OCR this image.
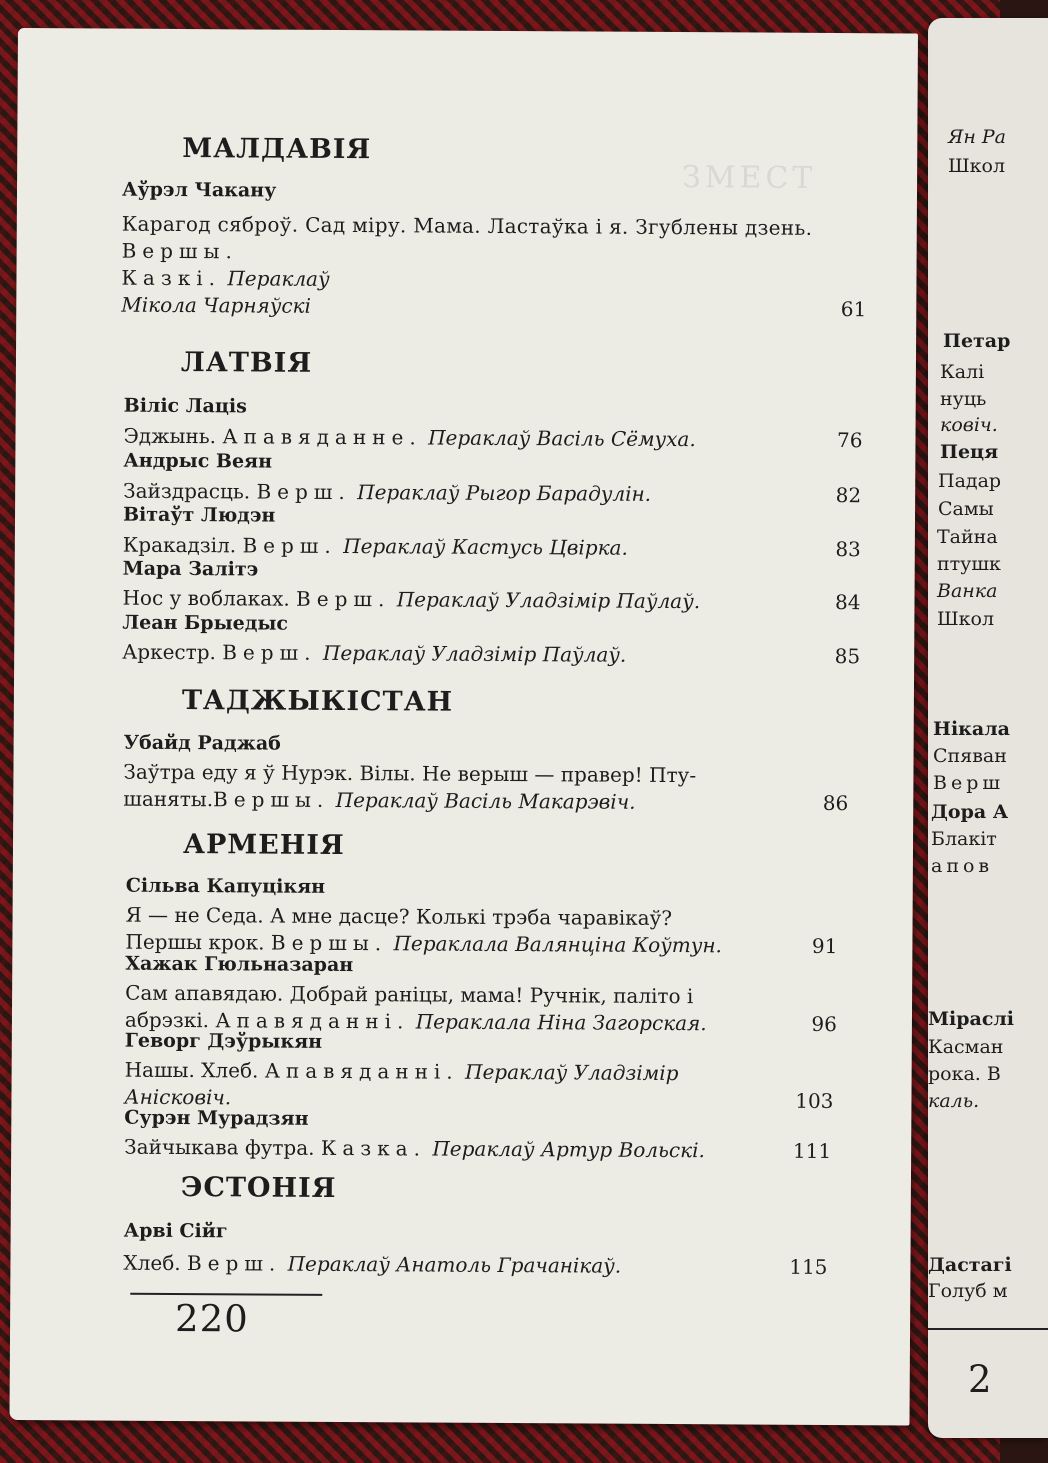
Ян Ра
Школ
Петар
Калі
нуць
ковіч.
Пеця
Падар
Самы
Тайна
птушк
Ванка
Школ
Нікала
Спяван
Верш
Дора А
Блакіт
апов
Міраслі
Касман
рока. В
каль.
Дастагі
Голуб м
2
ЗМЕСТ
МАЛДАВІЯ
Аўрэл Чакану
Карагод сяброў. Сад міру. Мама. Ластаўка і я. Згублены дзень.
Вершы.
Казкі. Пераклаў
Мікола Чарняўскі	61
ЛАТВІЯ
Віліс Лацis
Эджынь. Апавяданне. Пераклаў Васіль Сёмуха.	76
Андрыс Веян
Зайздрасць. Верш. Пераклаў Рыгор Барадулін.	82
Вітаўт Людэн
Кракадзіл. Верш. Пераклаў Кастусь Цвірка.	83
Мара Залітэ
Нос у воблаках. Верш. Пераклаў Уладзімір Паўлаў.	84
Леан Брыедыс
Аркестр. Верш. Пераклаў Уладзімір Паўлаў.	85
ТАДЖЫКІСТАН
Убайд Раджаб
Заўтра еду я ў Нурэк. Вілы. Не верыш — правер! Пту-
шаняты.Вершы. Пераклаў Васіль Макарэвіч.	86
АРМЕНІЯ
Сільва Капуцікян
Я — не Седа. А мне дасце? Колькі трэба чаравікаў?
Першы крок. Вершы. Пераклала Валянціна Коўтун.	91
Хажак Гюльназаран
Сам апавядаю. Добрай раніцы, мама! Ручнік, паліто і
абрэзкі. Апавяданні. Пераклала Ніна Загорская.	96
Геворг Дэўрыкян
Нашы. Хлеб. Апавяданні. Пераклаў Уладзімір
Аніскoвіч.	103
Сурэн Мурадзян
Зайчыкава футра. Казка. Пераклаў Артур Вольскі.	111
ЭСТОНІЯ
Арві Сійг
Хлеб. Верш. Пераклаў Анатоль Грачанікаў.	115
220
